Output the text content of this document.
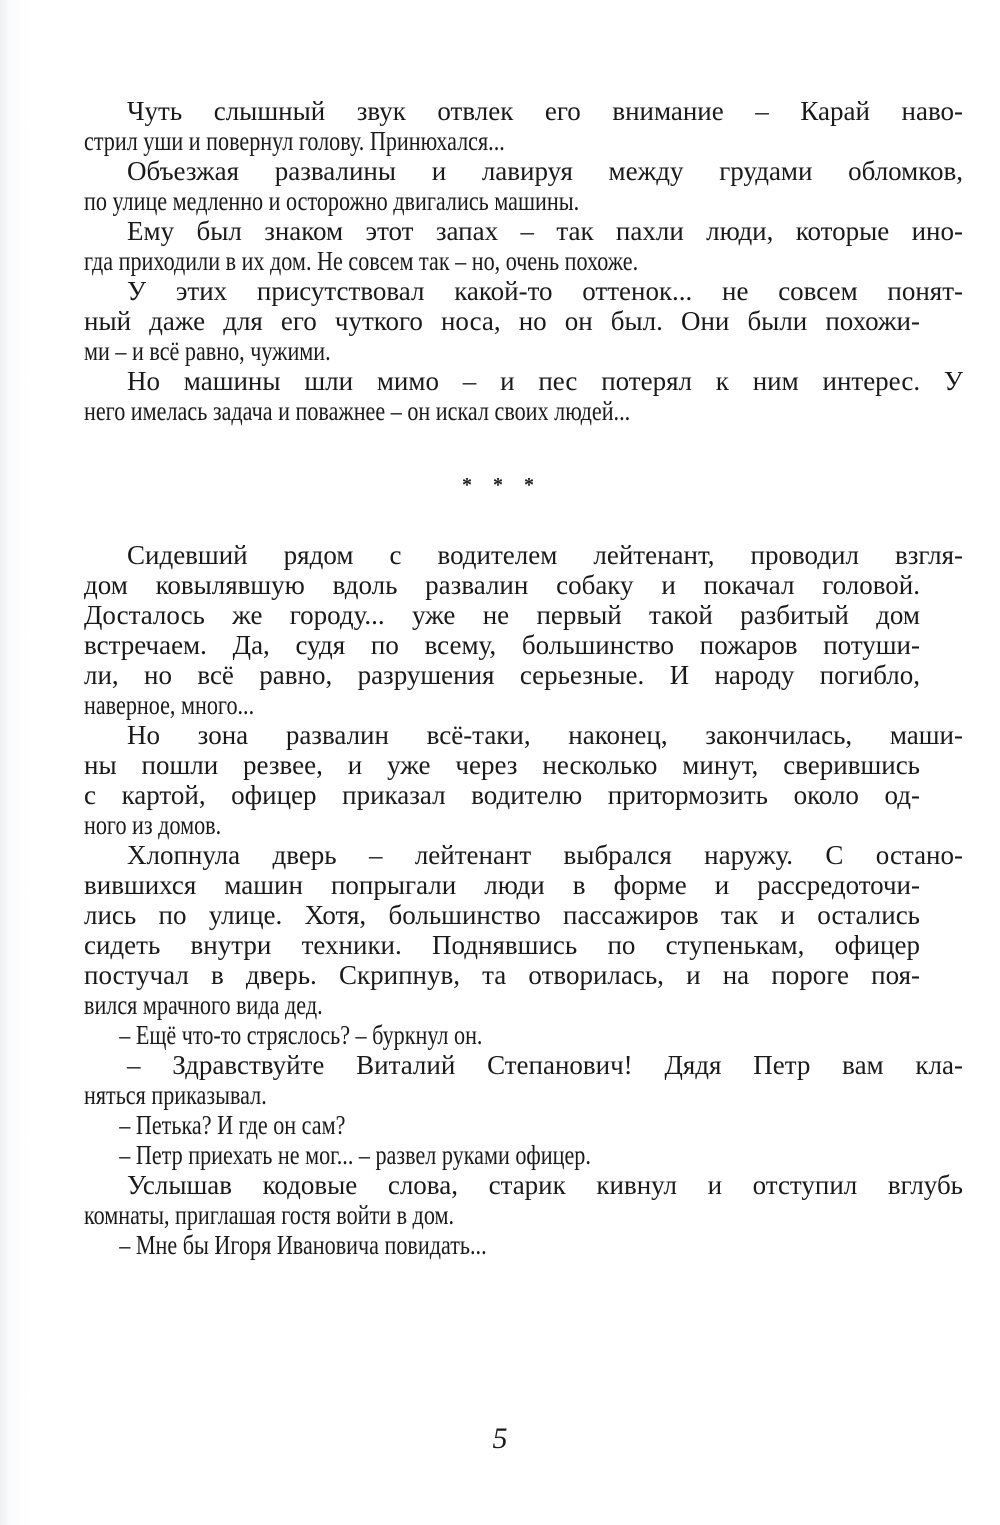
Чуть слышный звук отвлек его внимание – Карай наво-
стрил уши и повернул голову. Принюхался...
Объезжая развалины и лавируя между грудами обломков,
по улице медленно и осторожно двигались машины.
Ему был знаком этот запах – так пахли люди, которые ино-
гда приходили в их дом. Не совсем так – но, очень похоже.
У этих присутствовал какой-то оттенок... не совсем понят-
ный даже для его чуткого носа, но он был. Они были похожи-
ми – и всё равно, чужими.
Но машины шли мимо – и пес потерял к ним интерес. У
него имелась задача и поважнее – он искал своих людей...
* * *
Сидевший рядом с водителем лейтенант, проводил взгля-
дом ковылявшую вдоль развалин собаку и покачал головой.
Досталось же городу... уже не первый такой разбитый дом
встречаем. Да, судя по всему, большинство пожаров потуши-
ли, но всё равно, разрушения серьезные. И народу погибло,
наверное, много...
Но зона развалин всё-таки, наконец, закончилась, маши-
ны пошли резвее, и уже через несколько минут, сверившись
с картой, офицер приказал водителю притормозить около од-
ного из домов.
Хлопнула дверь – лейтенант выбрался наружу. С остано-
вившихся машин попрыгали люди в форме и рассредоточи-
лись по улице. Хотя, большинство пассажиров так и остались
сидеть внутри техники. Поднявшись по ступенькам, офицер
постучал в дверь. Скрипнув, та отворилась, и на пороге поя-
вился мрачного вида дед.
– Ещё что-то стряслось? – буркнул он.
– Здравствуйте Виталий Степанович! Дядя Петр вам кла-
няться приказывал.
– Петька? И где он сам?
– Петр приехать не мог... – развел руками офицер.
Услышав кодовые слова, старик кивнул и отступил вглубь
комнаты, приглашая гостя войти в дом.
– Мне бы Игоря Ивановича повидать...
5
